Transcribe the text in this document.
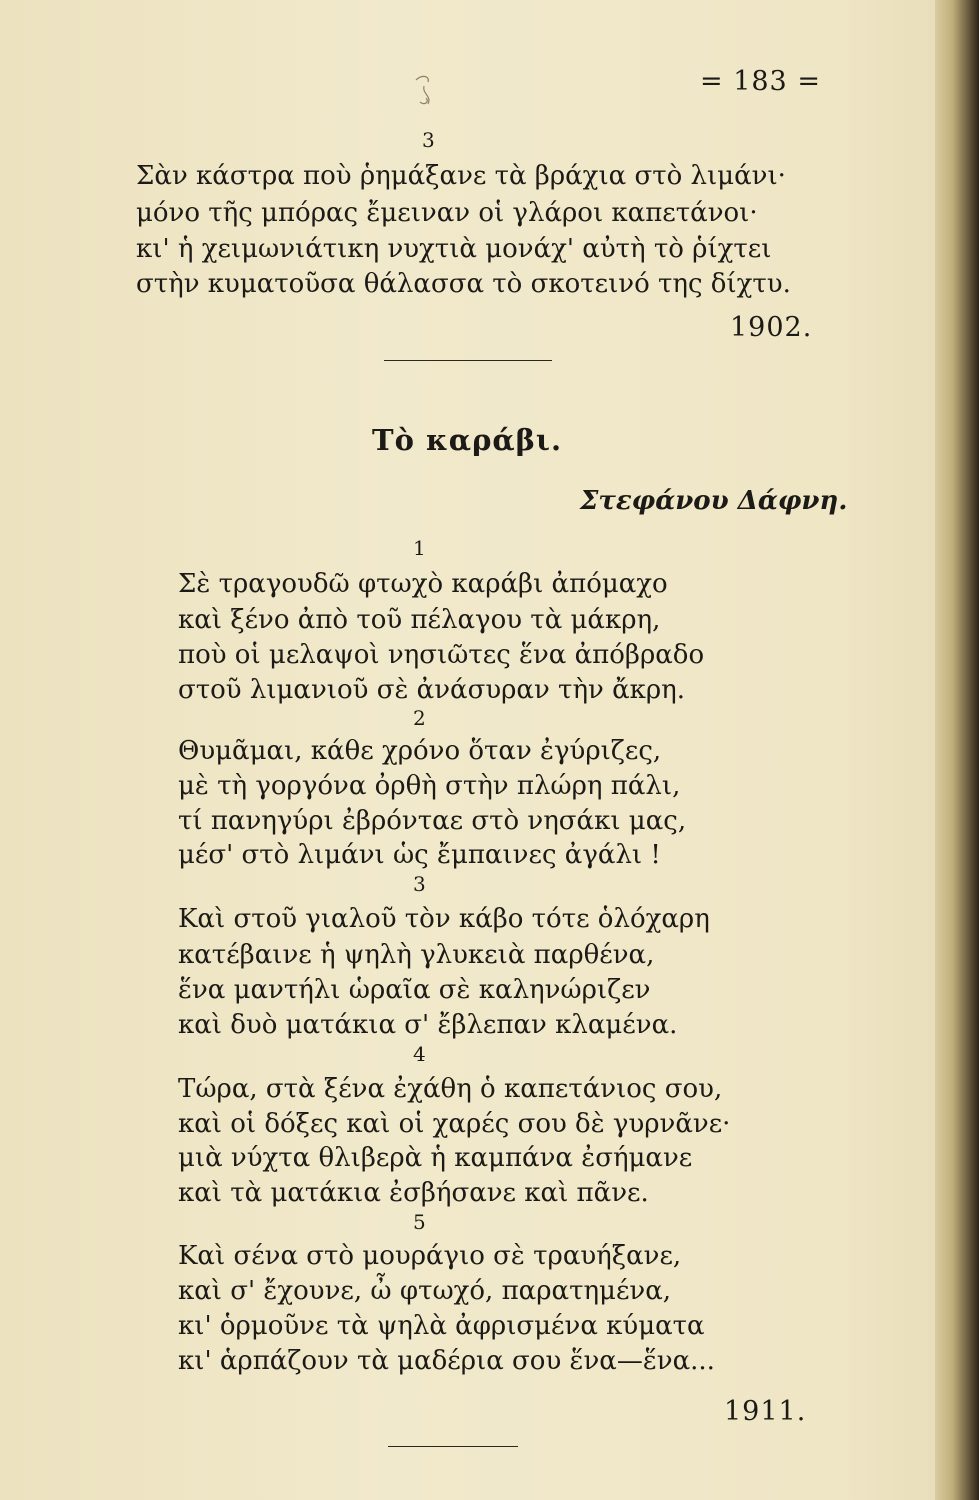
= 183 =
3
Σὰν κάστρα ποὺ ῥημάξανε τὰ βράχια στὸ λιμάνι·
μόνο τῆς μπόρας ἔμειναν οἱ γλάροι καπετάνοι·
κι' ἡ χειμωνιάτικη νυχτιὰ μονάχ' αὐτὴ τὸ ῥίχτει
στὴν κυματοῦσα θάλασσα τὸ σκοτεινό της δίχτυ.
1902.
Τὸ καράβι.
Στεφάνου Δάφνη.
1
Σὲ τραγουδῶ φτωχὸ καράβι ἀπόμαχο
καὶ ξένο ἀπὸ τοῦ πέλαγου τὰ μάκρη,
ποὺ οἱ μελαψοὶ νησιῶτες ἕνα ἀπόβραδο
στοῦ λιμανιοῦ σὲ ἀνάσυραν τὴν ἄκρη.
2
Θυμᾶμαι, κάθε χρόνο ὅταν ἐγύριζες,
μὲ τὴ γοργόνα ὀρθὴ στὴν πλώρη πάλι,
τί πανηγύρι ἐβρόνταε στὸ νησάκι μας,
μέσ' στὸ λιμάνι ὡς ἔμπαινες ἀγάλι !
3
Καὶ στοῦ γιαλοῦ τὸν κάβο τότε ὁλόχαρη
κατέβαινε ἡ ψηλὴ γλυκειὰ παρθένα,
ἕνα μαντήλι ὡραῖα σὲ καληνώριζεν
καὶ δυὸ ματάκια σ' ἔβλεπαν κλαμένα.
4
Τώρα, στὰ ξένα ἐχάθη ὁ καπετάνιος σου,
καὶ οἱ δόξες καὶ οἱ χαρές σου δὲ γυρνᾶνε·
μιὰ νύχτα θλιβερὰ ἡ καμπάνα ἐσήμανε
καὶ τὰ ματάκια ἐσβήσανε καὶ πᾶνε.
5
Καὶ σένα στὸ μουράγιο σὲ τραυήξανε,
καὶ σ' ἔχουνε, ὦ φτωχό, παρατημένα,
κι' ὁρμοῦνε τὰ ψηλὰ ἀφρισμένα κύματα
κι' ἁρπάζουν τὰ μαδέρια σου ἕνα—ἕνα...
1911.
